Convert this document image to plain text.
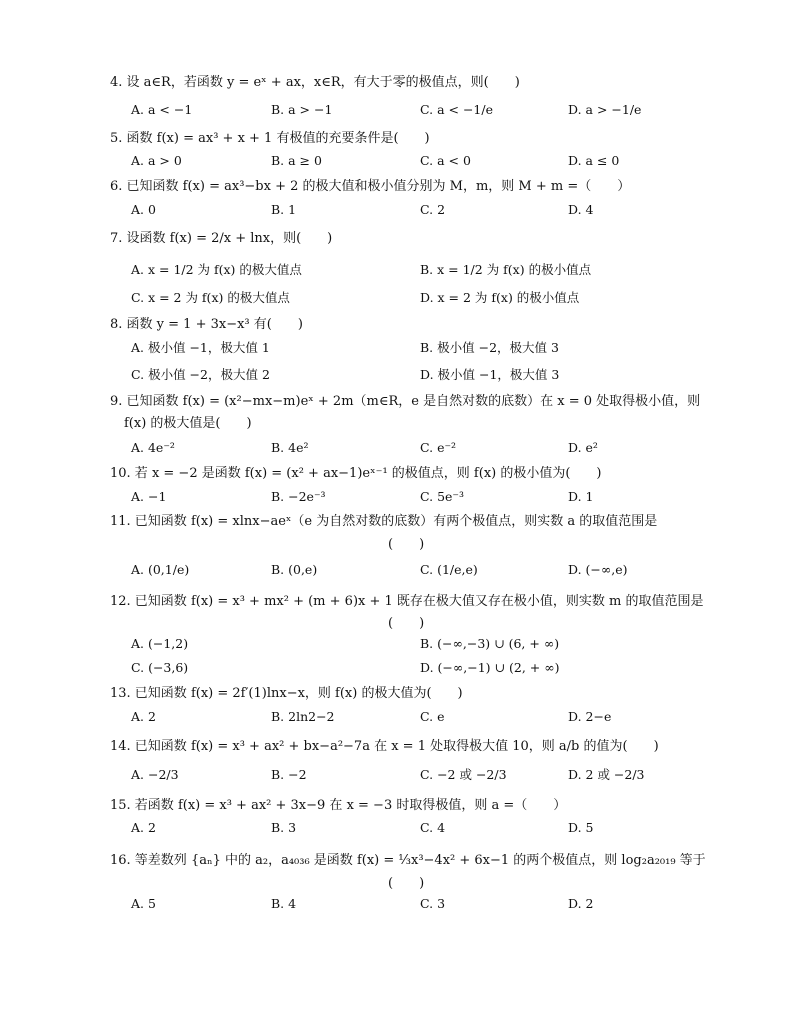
4. 设 a∈R，若函数 y = eˣ + ax，x∈R，有大于零的极值点，则(　　)
A. a < −1	B. a > −1	C. a < −1/e	D. a > −1/e
5. 函数 f(x) = ax³ + x + 1 有极值的充要条件是(　　)
A. a > 0	B. a ≥ 0	C. a < 0	D. a ≤ 0
6. 已知函数 f(x) = ax³−bx + 2 的极大值和极小值分别为 M，m，则 M + m =（　　）
A. 0	B. 1	C. 2	D. 4
7. 设函数 f(x) = 2/x + lnx，则(　　)
A. x = 1/2 为 f(x) 的极大值点	B. x = 1/2 为 f(x) 的极小值点
C. x = 2 为 f(x) 的极大值点	D. x = 2 为 f(x) 的极小值点
8. 函数 y = 1 + 3x−x³ 有(　　)
A. 极小值 −1，极大值 1	B. 极小值 −2，极大值 3
C. 极小值 −2，极大值 2	D. 极小值 −1，极大值 3
9. 已知函数 f(x) = (x²−mx−m)eˣ + 2m（m∈R，e 是自然对数的底数）在 x = 0 处取得极小值，则
f(x) 的极大值是(　　)
A. 4e⁻²	B. 4e²	C. e⁻²	D. e²
10. 若 x = −2 是函数 f(x) = (x² + ax−1)eˣ⁻¹ 的极值点，则 f(x) 的极小值为(　　)
A. −1	B. −2e⁻³	C. 5e⁻³	D. 1
11. 已知函数 f(x) = xlnx−aeˣ（e 为自然对数的底数）有两个极值点，则实数 a 的取值范围是
(　　)
A. (0,1/e)	B. (0,e)	C. (1/e,e)	D. (−∞,e)
12. 已知函数 f(x) = x³ + mx² + (m + 6)x + 1 既存在极大值又存在极小值，则实数 m 的取值范围是
(　　)
A. (−1,2)	B. (−∞,−3) ∪ (6, + ∞)
C. (−3,6)	D. (−∞,−1) ∪ (2, + ∞)
13. 已知函数 f(x) = 2f′(1)lnx−x，则 f(x) 的极大值为(　　)
A. 2	B. 2ln2−2	C. e	D. 2−e
14. 已知函数 f(x) = x³ + ax² + bx−a²−7a 在 x = 1 处取得极大值 10，则 a/b 的值为(　　)
A. −2/3	B. −2	C. −2 或 −2/3	D. 2 或 −2/3
15. 若函数 f(x) = x³ + ax² + 3x−9 在 x = −3 时取得极值，则 a =（　　）
A. 2	B. 3	C. 4	D. 5
16. 等差数列 {aₙ} 中的 a₂，a₄₀₃₆ 是函数 f(x) = ⅓x³−4x² + 6x−1 的两个极值点，则 log₂a₂₀₁₉ 等于
(　　)
A. 5	B. 4	C. 3	D. 2
